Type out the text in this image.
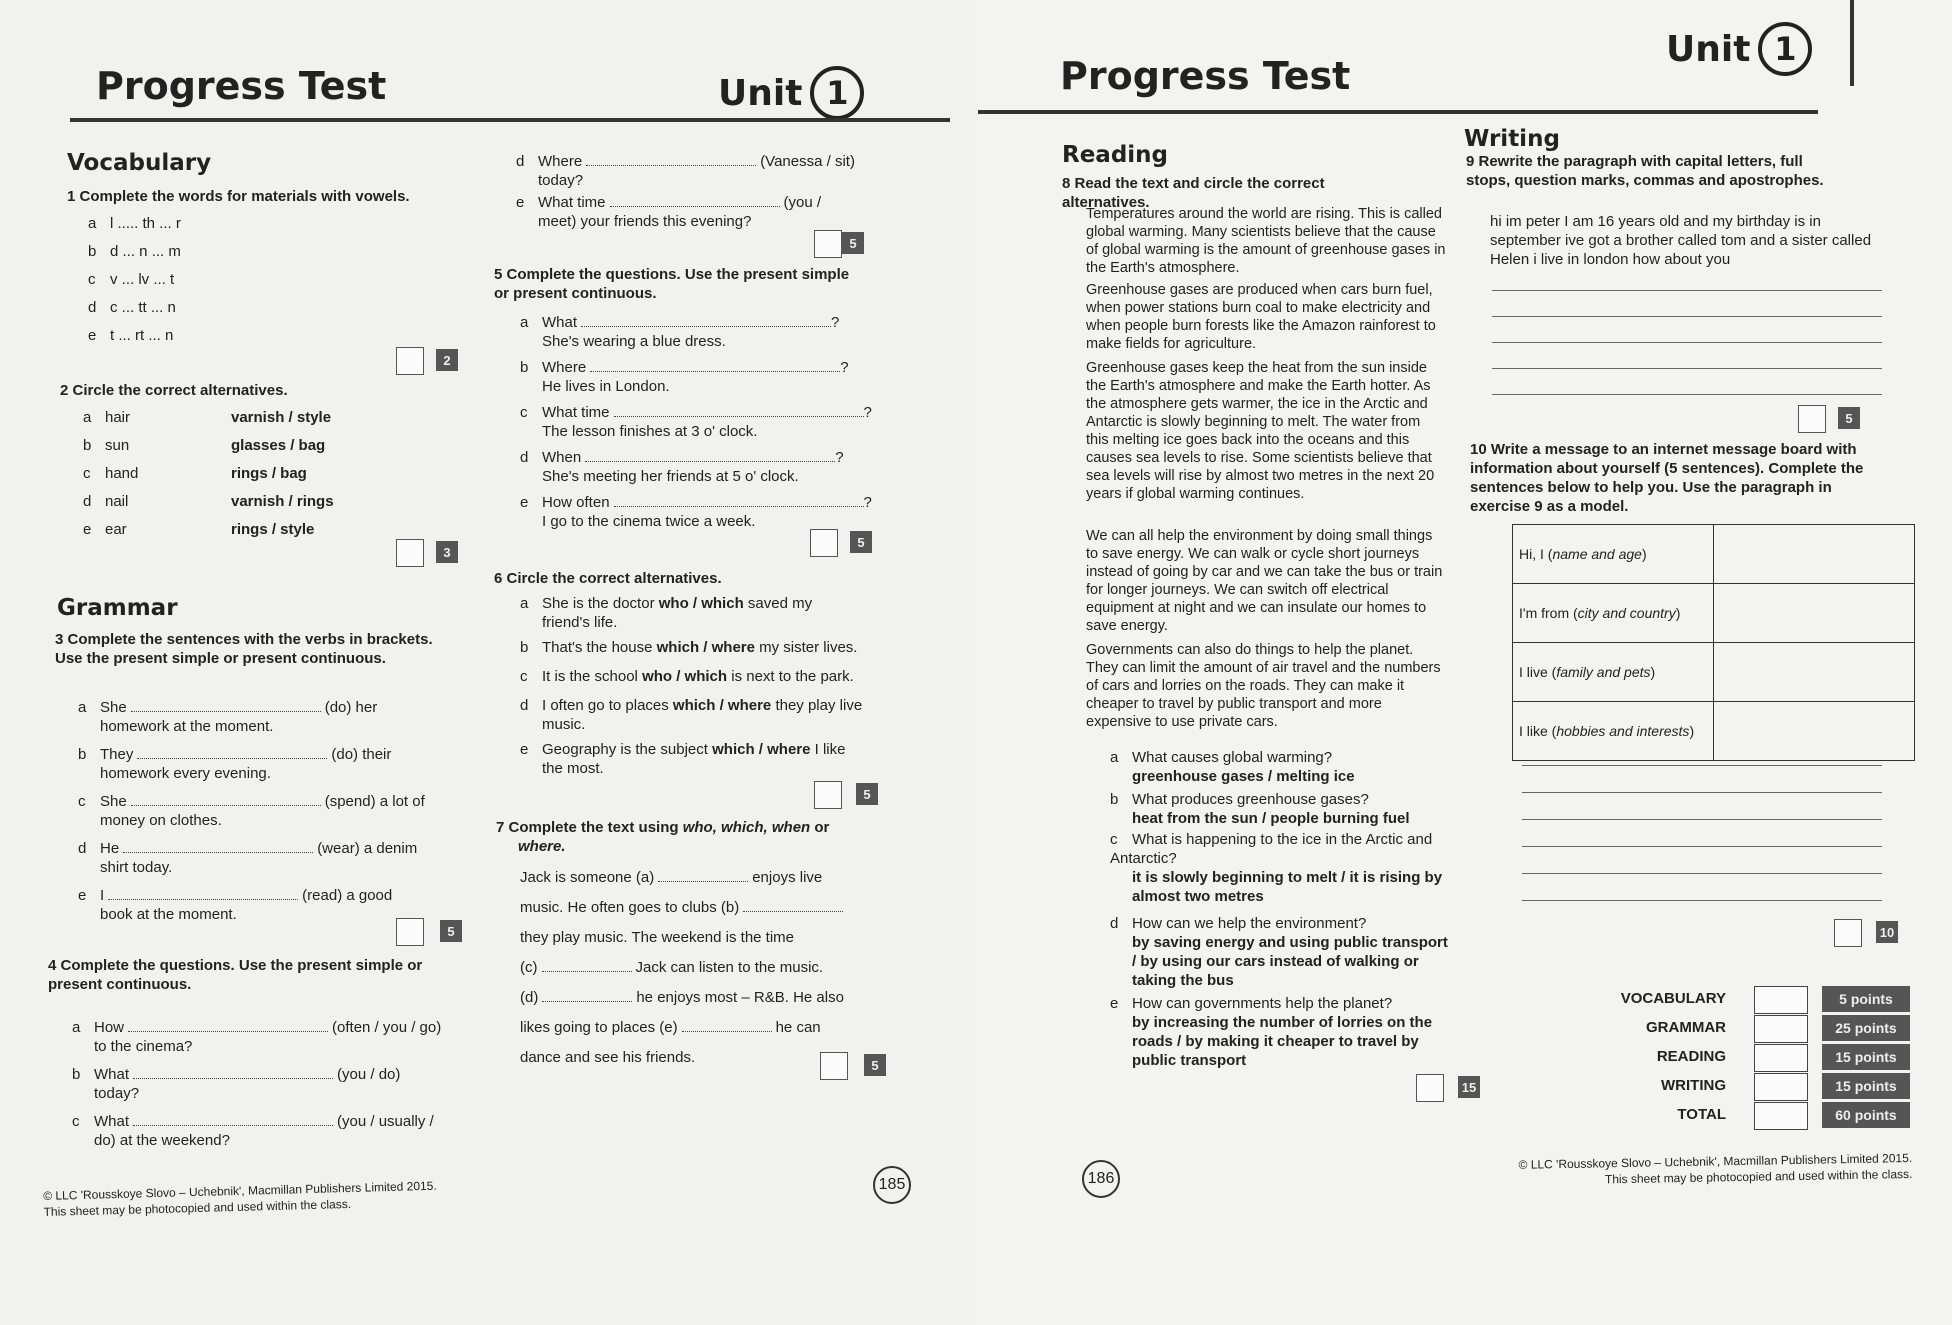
Progress Test	Unit 1
Vocabulary
1 Complete the words for materials with vowels.
a l ..... th ... r
b d ... n ... m
c v ... lv ... t
d c ... tt ... n
e t ... rt ... n
2
2 Circle the correct alternatives.
a hair	varnish / style
b sun	glasses / bag
c hand	rings / bag
d nail	varnish / rings
e ear	rings / style
3
Grammar
3 Complete the sentences with the verbs in brackets. Use the present simple or present continuous.
a She	(do) her
homework at the moment.
b They	(do) their
homework every evening.
c She	(spend) a lot of
money on clothes.
d He	(wear) a denim
shirt today.
e I	(read) a good
book at the moment.
5
4 Complete the questions. Use the present simple or present continuous.
a How	(often / you / go)
to the cinema?
b What	(you / do)
today?
c What	(you / usually /
do) at the weekend?
d Where	(Vanessa / sit)
today?
e What time	(you /
meet) your friends this evening?
5
5 Complete the questions. Use the present simple or present continuous.
a What	?
She's wearing a blue dress.
b Where	?
He lives in London.
c What time	?
The lesson finishes at 3 o' clock.
d When	?
She's meeting her friends at 5 o' clock.
e How often	?
I go to the cinema twice a week.
5
6 Circle the correct alternatives.
a She is the doctor who / which saved my
friend's life.
b That's the house which / where my sister lives.
c It is the school who / which is next to the park.
d I often go to places which / where they play live
music.
e Geography is the subject which / where I like
the most.
5
7 Complete the text using who, which, when or
where.
Jack is someone (a)	enjoys live
music. He often goes to clubs (b)
they play music. The weekend is the time
(c)	Jack can listen to the music.
(d)	he enjoys most – R&B. He also
likes going to places (e)	he can
dance and see his friends.	5
185
© LLC 'Rousskoye Slovo – Uchebnik', Macmillan Publishers Limited 2015.
This sheet may be photocopied and used within the class.
Progress Test
Unit 1
Reading
8 Read the text and circle the correct alternatives.
Temperatures around the world are rising. This is called global warming. Many scientists believe that the cause of global warming is the amount of greenhouse gases in the Earth's atmosphere.
Greenhouse gases are produced when cars burn fuel, when power stations burn coal to make electricity and when people burn forests like the Amazon rainforest to make fields for agriculture.
Greenhouse gases keep the heat from the sun inside the Earth's atmosphere and make the Earth hotter. As the atmosphere gets warmer, the ice in the Arctic and Antarctic is slowly beginning to melt. The water from this melting ice goes back into the oceans and this causes sea levels to rise. Some scientists believe that sea levels will rise by almost two metres in the next 20 years if global warming continues.
We can all help the environment by doing small things to save energy. We can walk or cycle short journeys instead of going by car and we can take the bus or train for longer journeys. We can switch off electrical equipment at night and we can insulate our homes to save energy.
Governments can also do things to help the planet. They can limit the amount of air travel and the numbers of cars and lorries on the roads. They can make it cheaper to travel by public transport and more expensive to use private cars.
a What causes global warming?
greenhouse gases / melting ice
b What produces greenhouse gases?
heat from the sun / people burning fuel
c What is happening to the ice in the Arctic and Antarctic?
it is slowly beginning to melt / it is rising by almost two metres
d How can we help the environment?
by saving energy and using public transport / by using our cars instead of walking or taking the bus
e How can governments help the planet?
by increasing the number of lorries on the roads / by making it cheaper to travel by public transport
15
Writing
9 Rewrite the paragraph with capital letters, full stops, question marks, commas and apostrophes.
hi im peter I am 16 years old and my birthday is in september ive got a brother called tom and a sister called Helen i live in london how about you
5
10 Write a message to an internet message board with information about yourself (5 sentences). Complete the sentences below to help you. Use the paragraph in exercise 9 as a model.
Hi, I (name and age)	
I'm from (city and country)	
I live (family and pets)	
I like (hobbies and interests)	
10
VOCABULARY	5 points
GRAMMAR	25 points
READING	15 points
WRITING	15 points
TOTAL	60 points
186
© LLC 'Rousskoye Slovo – Uchebnik', Macmillan Publishers Limited 2015.
This sheet may be photocopied and used within the class.
